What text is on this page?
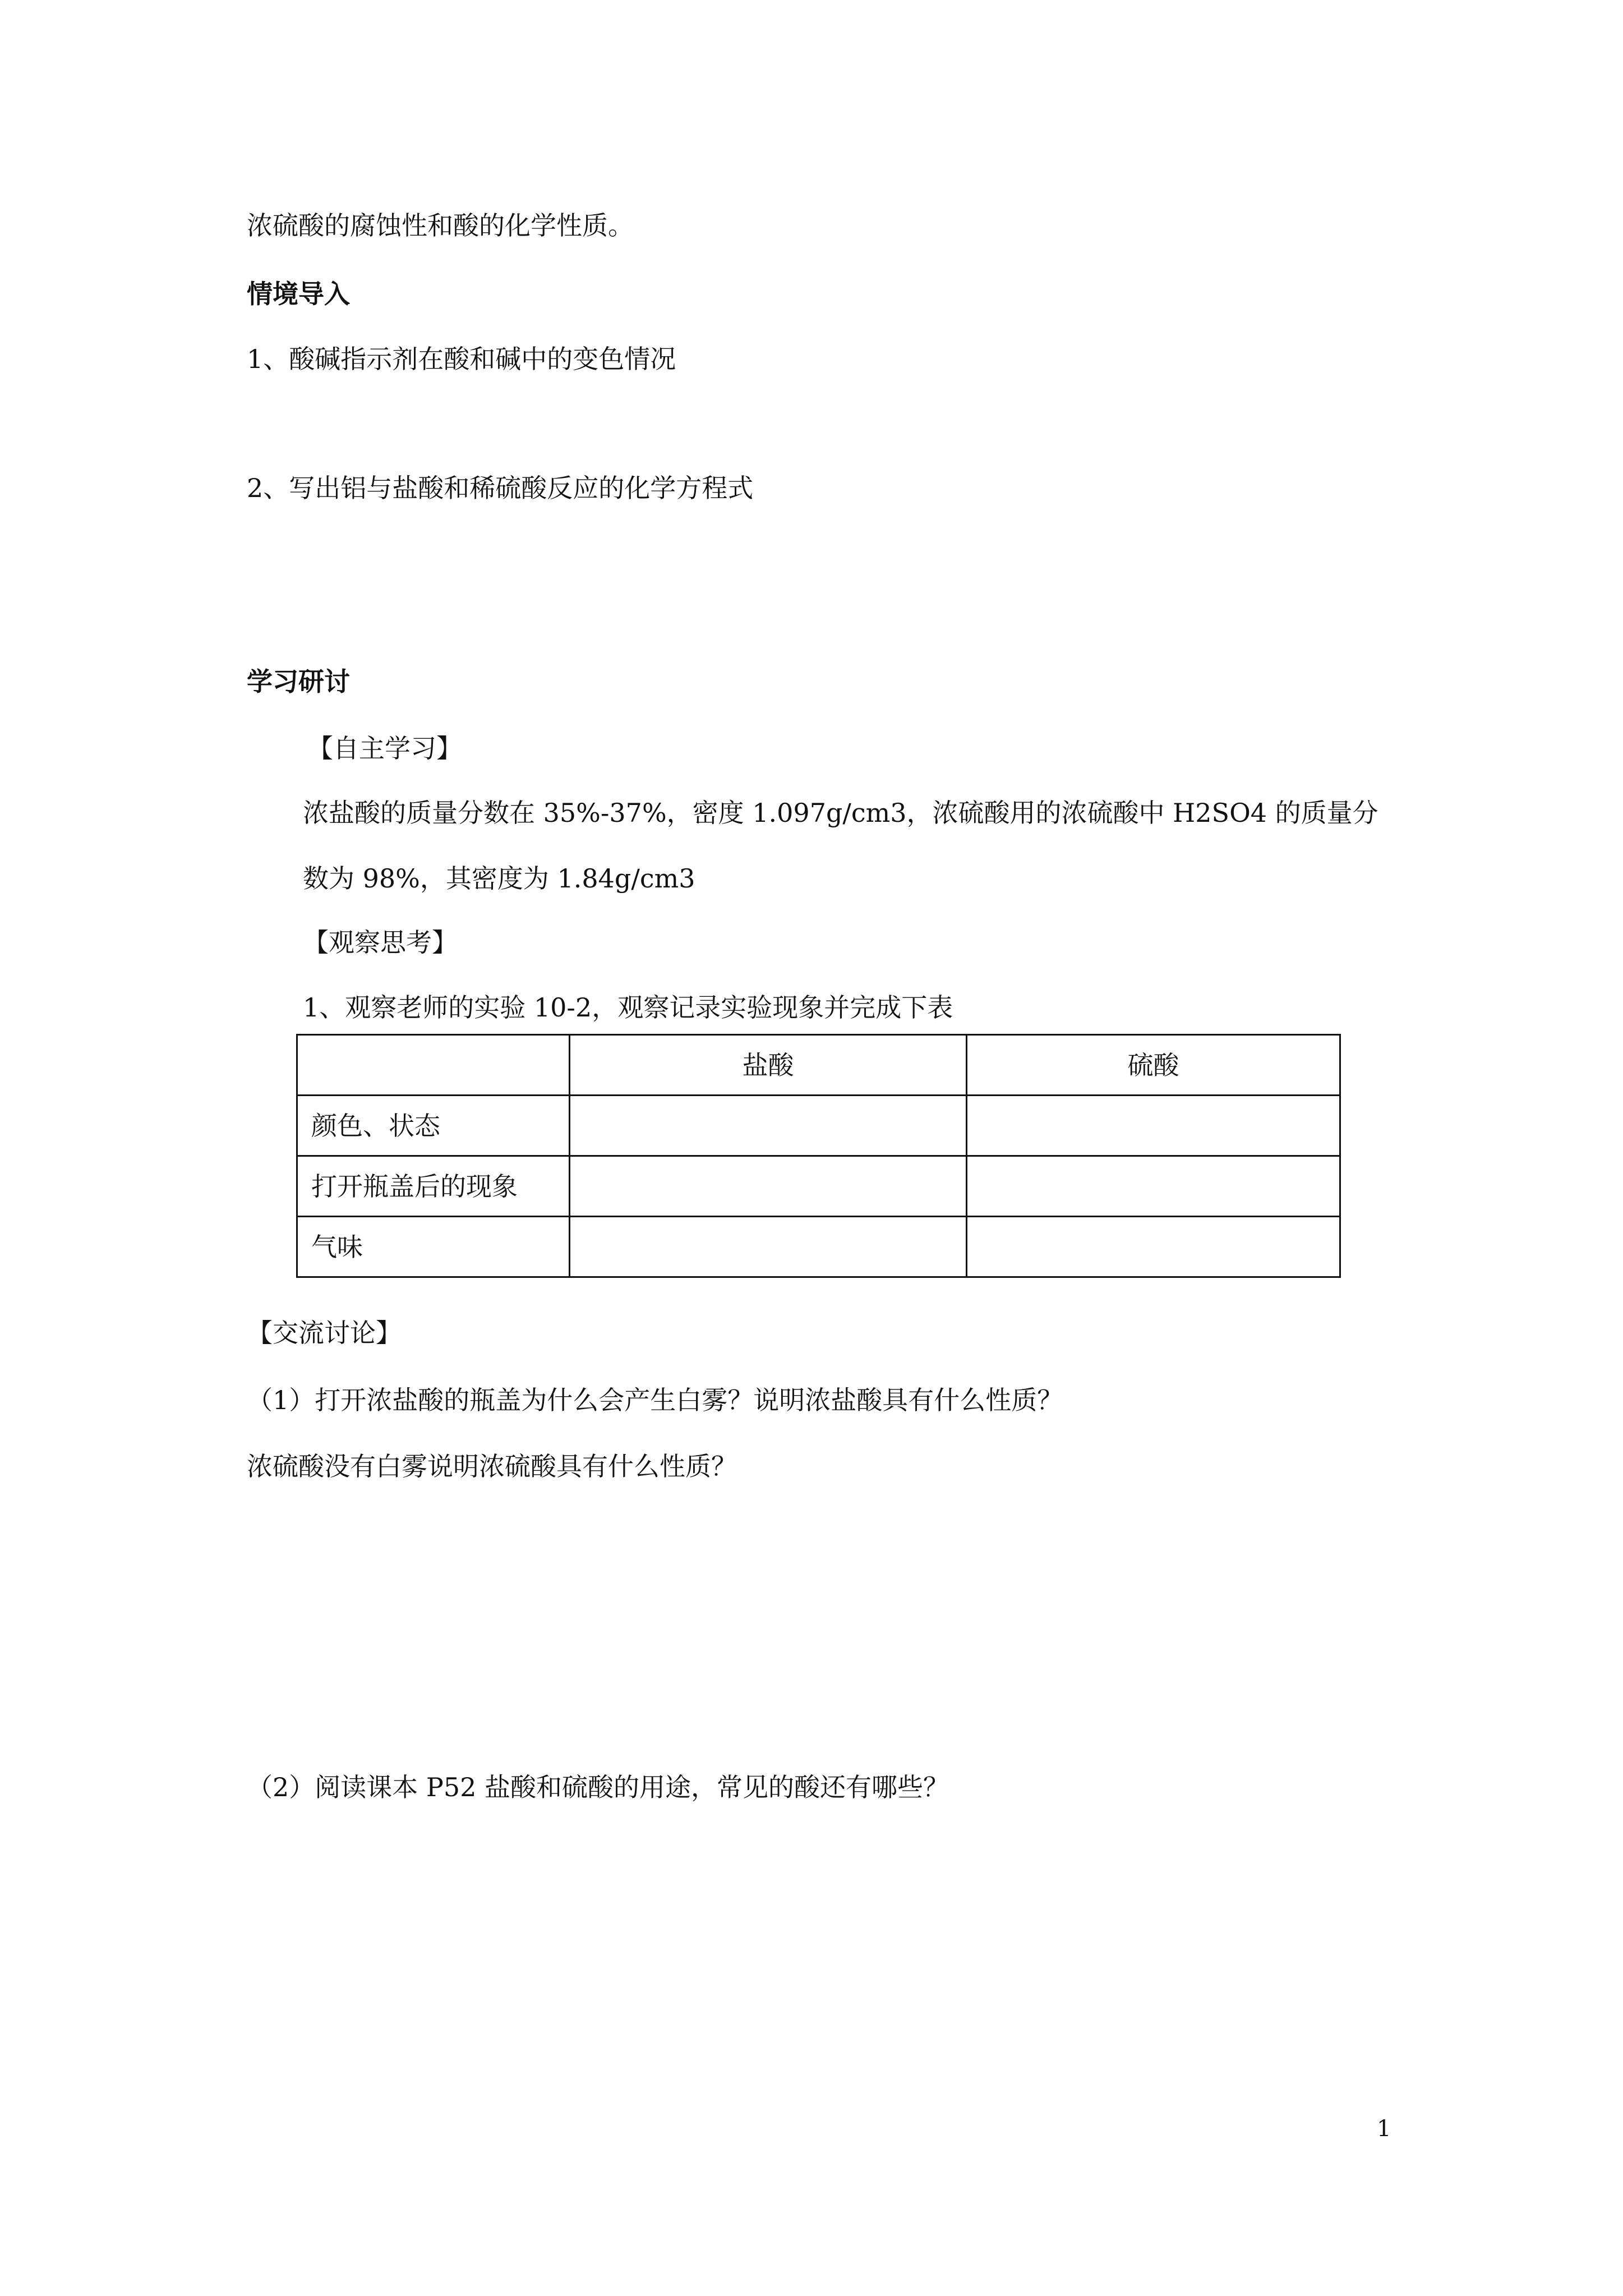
浓硫酸的腐蚀性和酸的化学性质。
情境导入
1、酸碱指示剂在酸和碱中的变色情况
2、写出铝与盐酸和稀硫酸反应的化学方程式
学习研讨
【自主学习】
浓盐酸的质量分数在 35%-37%，密度 1.097g/cm3，浓硫酸用的浓硫酸中 H2SO4 的质量分
数为 98%，其密度为 1.84g/cm3
【观察思考】
1、观察老师的实验 10-2，观察记录实验现象并完成下表
	盐酸	硫酸
颜色、状态		
打开瓶盖后的现象		
气味		
【交流讨论】
（1）打开浓盐酸的瓶盖为什么会产生白雾？说明浓盐酸具有什么性质？
浓硫酸没有白雾说明浓硫酸具有什么性质？
（2）阅读课本 P52 盐酸和硫酸的用途，常见的酸还有哪些？
1
